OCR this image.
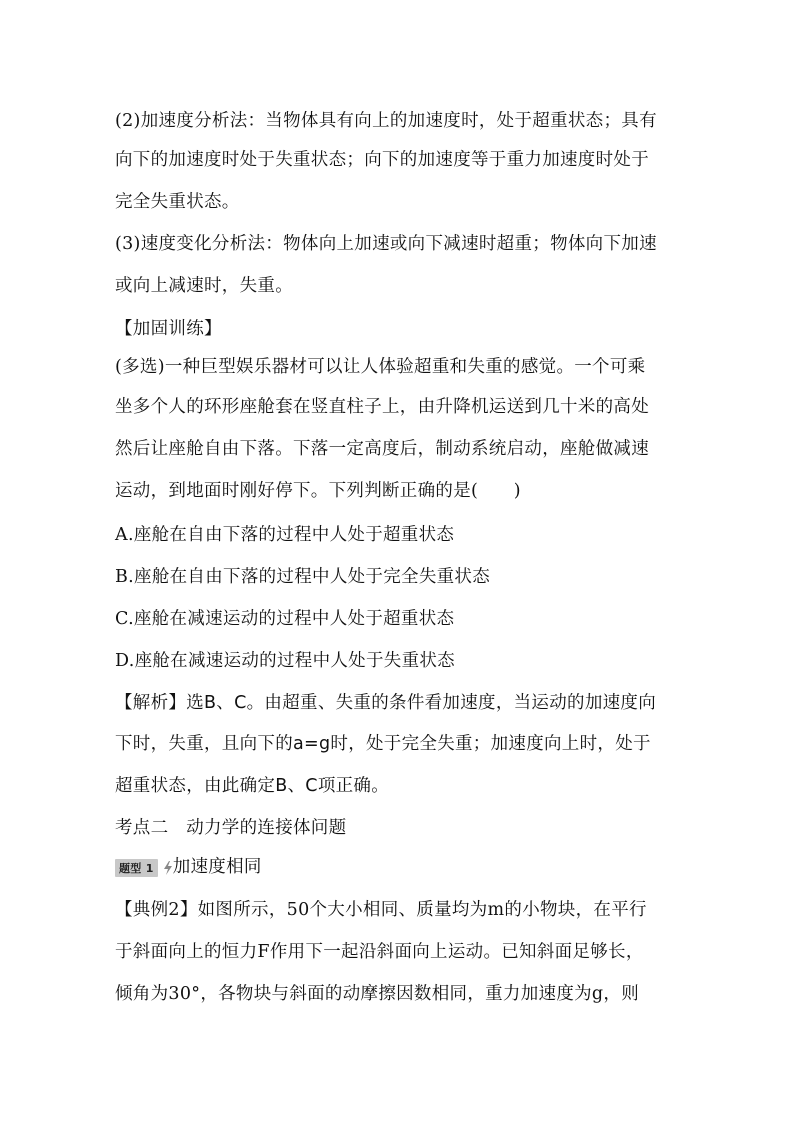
(2)加速度分析法：当物体具有向上的加速度时，处于超重状态；具有
向下的加速度时处于失重状态；向下的加速度等于重力加速度时处于
完全失重状态。
(3)速度变化分析法：物体向上加速或向下减速时超重；物体向下加速
或向上减速时，失重。
【加固训练】
(多选)一种巨型娱乐器材可以让人体验超重和失重的感觉。一个可乘
坐多个人的环形座舱套在竖直柱子上，由升降机运送到几十米的高处
然后让座舱自由下落。下落一定高度后，制动系统启动，座舱做减速
运动，到地面时刚好停下。下列判断正确的是(　　)
A.座舱在自由下落的过程中人处于超重状态
B.座舱在自由下落的过程中人处于完全失重状态
C.座舱在减速运动的过程中人处于超重状态
D.座舱在减速运动的过程中人处于失重状态
【解析】选B、C。由超重、失重的条件看加速度，当运动的加速度向
下时，失重，且向下的a=g时，处于完全失重；加速度向上时，处于
超重状态，由此确定B、C项正确。
考点二　动力学的连接体问题
题型 1 加速度相同
【典例2】如图所示，50个大小相同、质量均为m的小物块，在平行
于斜面向上的恒力F作用下一起沿斜面向上运动。已知斜面足够长，
倾角为30°，各物块与斜面的动摩擦因数相同，重力加速度为g，则
